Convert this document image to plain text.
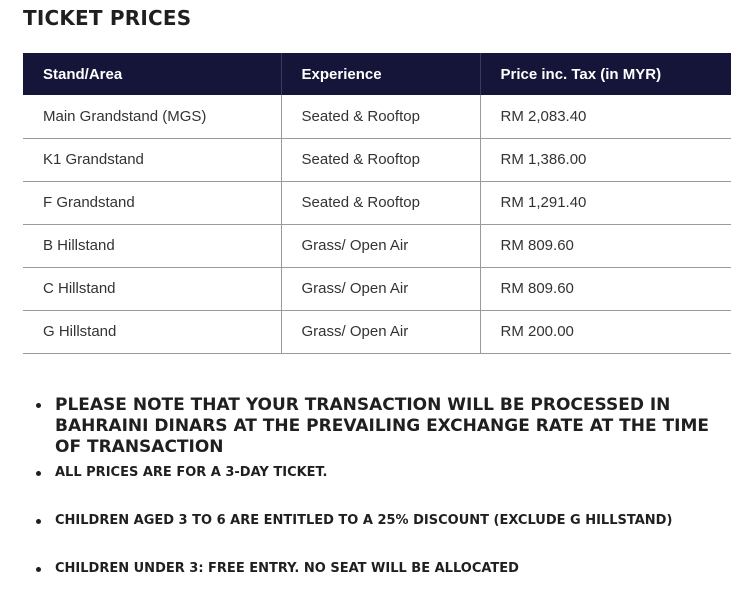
TICKET PRICES
Stand/Area	Experience	Price inc. Tax (in MYR)
Main Grandstand (MGS)	Seated & Rooftop	RM 2,083.40
K1 Grandstand	Seated & Rooftop	RM 1,386.00
F Grandstand	Seated & Rooftop	RM 1,291.40
B Hillstand	Grass/ Open Air	RM 809.60
C Hillstand	Grass/ Open Air	RM 809.60
G Hillstand	Grass/ Open Air	RM 200.00
PLEASE NOTE THAT YOUR TRANSACTION WILL BE PROCESSED IN BAHRAINI DINARS AT THE PREVAILING EXCHANGE RATE AT THE TIME OF TRANSACTION
ALL PRICES ARE FOR A 3-DAY TICKET.
CHILDREN AGED 3 TO 6 ARE ENTITLED TO A 25% DISCOUNT (EXCLUDE G HILLSTAND)
CHILDREN UNDER 3: FREE ENTRY. NO SEAT WILL BE ALLOCATED
